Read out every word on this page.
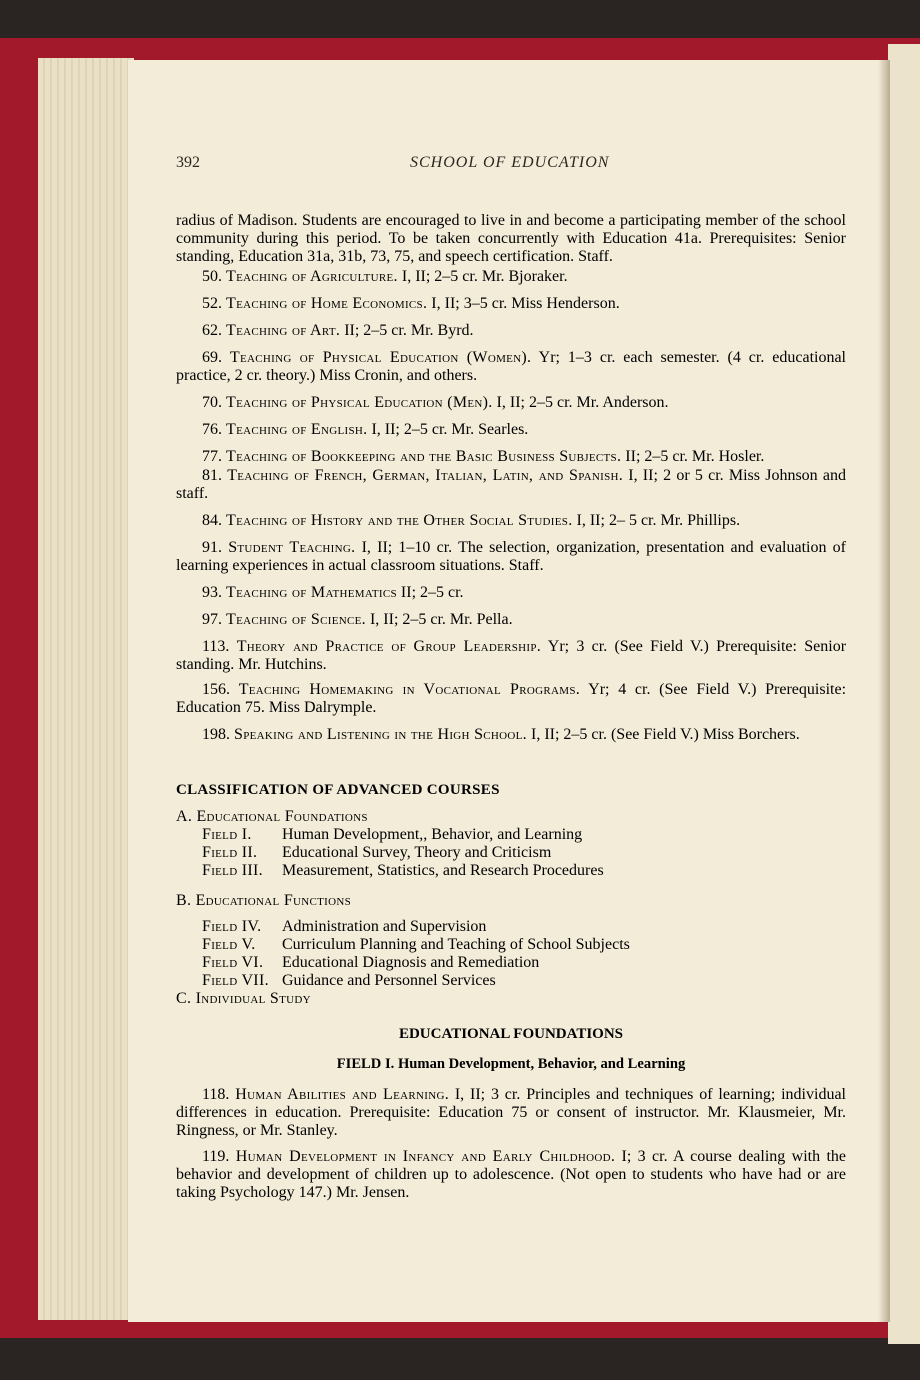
392	SCHOOL OF EDUCATION
radius of Madison. Students are encouraged to live in and become a participating member of the school community during this period. To be taken concurrently with Education 41a. Prerequisites: Senior standing, Education 31a, 31b, 73, 75, and speech certification. Staff.
50. Teaching of Agriculture. I, II; 2–5 cr. Mr. Bjoraker.
52. Teaching of Home Economics. I, II; 3–5 cr. Miss Henderson.
62. Teaching of Art. II; 2–5 cr. Mr. Byrd.
69. Teaching of Physical Education (Women). Yr; 1–3 cr. each semester. (4 cr. educational practice, 2 cr. theory.) Miss Cronin, and others.
70. Teaching of Physical Education (Men). I, II; 2–5 cr. Mr. Anderson.
76. Teaching of English. I, II; 2–5 cr. Mr. Searles.
77. Teaching of Bookkeeping and the Basic Business Subjects. II; 2–5 cr. Mr. Hosler.
81. Teaching of French, German, Italian, Latin, and Spanish. I, II; 2 or 5 cr. Miss Johnson and staff.
84. Teaching of History and the Other Social Studies. I, II; 2– 5 cr. Mr. Phillips.
91. Student Teaching. I, II; 1–10 cr. The selection, organization, presentation and evaluation of learning experiences in actual classroom situations. Staff.
93. Teaching of Mathematics II; 2–5 cr.
97. Teaching of Science. I, II; 2–5 cr. Mr. Pella.
113. Theory and Practice of Group Leadership. Yr; 3 cr. (See Field V.) Prerequisite: Senior standing. Mr. Hutchins.
156. Teaching Homemaking in Vocational Programs. Yr; 4 cr. (See Field V.) Prerequisite: Education 75. Miss Dalrymple.
198. Speaking and Listening in the High School. I, II; 2–5 cr. (See Field V.) Miss Borchers.
CLASSIFICATION OF ADVANCED COURSES
A. Educational Foundations
Field I. Human Development,, Behavior, and Learning
Field II. Educational Survey, Theory and Criticism
Field III. Measurement, Statistics, and Research Procedures
B. Educational Functions
Field IV. Administration and Supervision
Field V. Curriculum Planning and Teaching of School Subjects
Field VI. Educational Diagnosis and Remediation
Field VII. Guidance and Personnel Services
C. Individual Study
EDUCATIONAL FOUNDATIONS
FIELD I. Human Development, Behavior, and Learning
118. Human Abilities and Learning. I, II; 3 cr. Principles and techniques of learning; individual differences in education. Prerequisite: Education 75 or consent of instructor. Mr. Klausmeier, Mr. Ringness, or Mr. Stanley.
119. Human Development in Infancy and Early Childhood. I; 3 cr. A course dealing with the behavior and development of children up to adolescence. (Not open to students who have had or are taking Psychology 147.) Mr. Jensen.
